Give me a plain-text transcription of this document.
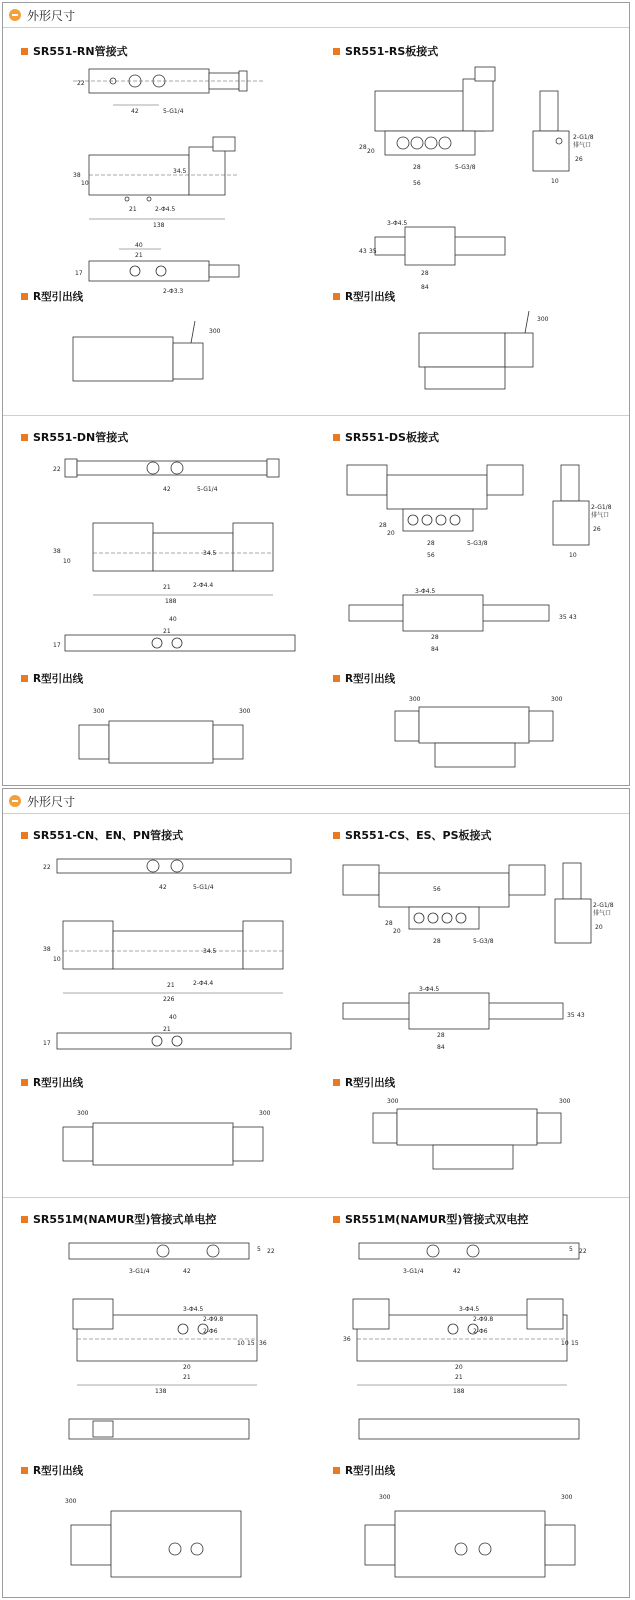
外形尺寸
SR551-RN管接式	SR551-RS板接式
22
42	5-G1/4
38
10
34.5
21	2-Φ4.5
138
40
21
17
2-Φ3.3
28
20
28
56
5-G3/8
2-G1/8
排气口
26
10
3-Φ4.5
43 35
28
84
R型引出线	R型引出线
300
300
SR551-DN管接式	SR551-DS板接式
22
42	5-G1/4
38
10
34.5
21	2-Φ4.4
188
40
21
17
28
20
28
56
5-G3/8
2-G1/8
排气口
26
10
3-Φ4.5
43
35
28
84
R型引出线	R型引出线
300	300
300	300
外形尺寸
SR551-CN、EN、PN管接式	SR551-CS、ES、PS板接式
22
42	5-G1/4
38
10
34.5
21	2-Φ4.4
226
40
21
17
28
20
28
56
5-G3/8
2-G1/8
排气口
20
3-Φ4.5
43
35
28
84
R型引出线	R型引出线
300	300
300	300
SR551M(NAMUR型)管接式单电控	SR551M(NAMUR型)管接式双电控
5 22
3-G1/4	42
3-Φ4.5
2-Φ9.8
2-Φ6
36
15
10
20
21
138
5 22
3-G1/4	42
3-Φ4.5
2-Φ9.8
2-Φ6
36
15
10
20
21
188
R型引出线	R型引出线
300
300	300
